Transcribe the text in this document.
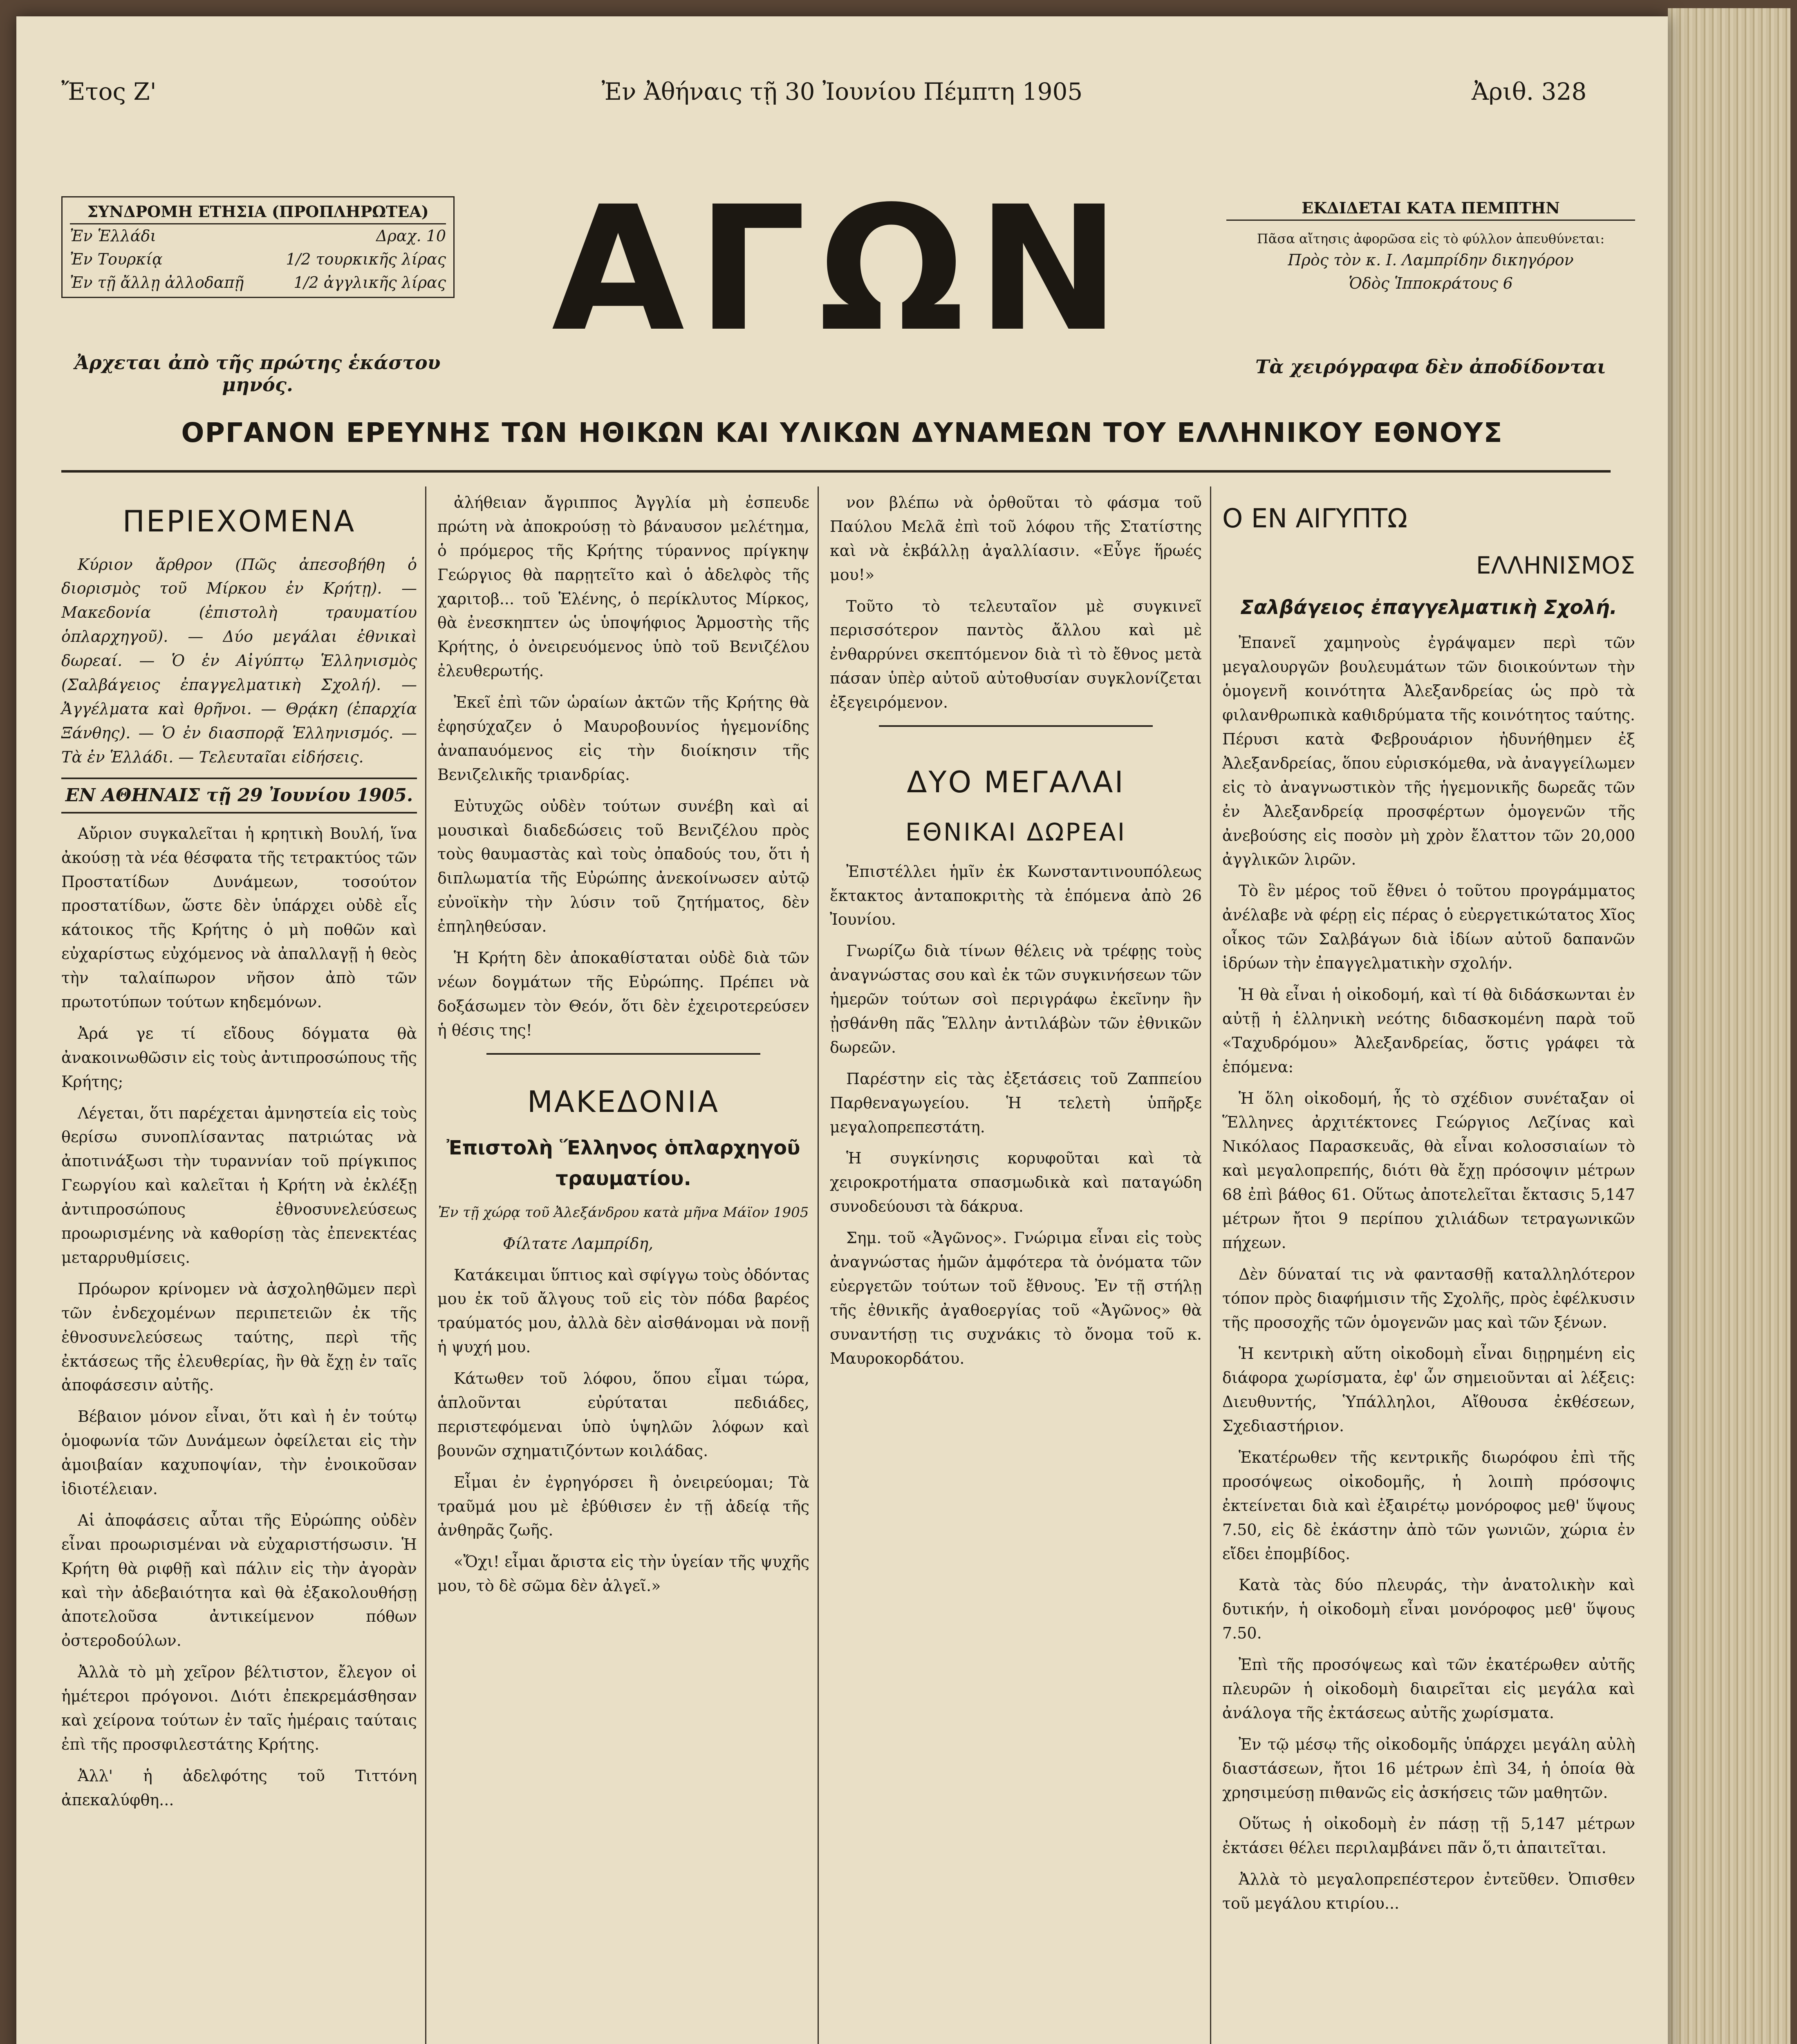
Ἔτος Ζ'	Ἐν Ἀθήναις τῇ 30 Ἰουνίου Πέμπτη 1905	Ἀριθ. 328
ΣΥΝΔΡΟΜΗ ΕΤΗΣΙΑ (ΠΡΟΠΛΗΡΩΤΕΑ)
Ἐν Ἑλλάδι	Δραχ. 10
Ἐν Τουρκίᾳ	1/2 τουρκικῆς λίρας
Ἐν τῇ ἄλλῃ ἀλλοδαπῇ	1/2 ἀγγλικῆς λίρας
Ἀρχεται ἀπὸ τῆς πρώτης ἑκάστου μηνός.
ΑΓΩΝ	ΕΚΔΙΔΕΤΑΙ ΚΑΤΑ ΠΕΜΠΤΗΝ
Πᾶσα αἴτησις ἀφορῶσα εἰς τὸ φύλλον ἀπευθύνεται:
Πρὸς τὸν κ. Ι. Λαμπρίδην δικηγόρον
Ὁδὸς Ἱπποκράτους 6
Τὰ χειρόγραφα δὲν ἀποδίδονται
ΟΡΓΑΝΟΝ ΕΡΕΥΝΗΣ ΤΩΝ ΗΘΙΚΩΝ ΚΑΙ ΥΛΙΚΩΝ ΔΥΝΑΜΕΩΝ ΤΟΥ ΕΛΛΗΝΙΚΟΥ ΕΘΝΟΥΣ
ΠΕΡΙΕΧΟΜΕΝΑ

Κύριον ἄρθρον (Πῶς ἀπεσοβήθη ὁ διορισμὸς τοῦ Μίρκου ἐν Κρήτῃ). — Μακεδονία (ἐπιστολὴ τραυματίου ὁπλαρχηγοῦ). — Δύο μεγάλαι ἐθνικαὶ δωρεαί. — Ὁ ἐν Αἰγύπτῳ Ἑλληνισμὸς (Σαλβάγειος ἐπαγγελματικὴ Σχολή). — Ἀγγέλματα καὶ θρῆνοι. — Θρᾴκη (ἐπαρχία Ξάνθης). — Ὁ ἐν διασπορᾷ Ἑλληνισμός. — Τὰ ἐν Ἑλλάδι. — Τελευταῖαι εἰδήσεις.

ΕΝ ΑΘΗΝΑΙΣ τῇ 29 Ἰουνίου 1905.

Αὔριον συγκαλεῖται ἡ κρητικὴ Βουλή, ἵνα ἀκούσῃ τὰ νέα θέσφατα τῆς τετρακτύος τῶν Προστατίδων Δυνάμεων, τοσούτον προστατίδων, ὥστε δὲν ὑπάρχει οὐδὲ εἷς κάτοικος τῆς Κρήτης ὁ μὴ ποθῶν καὶ εὐχαρίστως εὐχόμενος νὰ ἀπαλλαγῇ ἡ θεὸς τὴν ταλαίπωρον νῆσον ἀπὸ τῶν πρωτοτύπων τούτων κηδεμόνων.

Ἀρά γε τί εἴδους δόγματα θὰ ἀνακοινωθῶσιν εἰς τοὺς ἀντιπροσώπους τῆς Κρήτης;

Λέγεται, ὅτι παρέχεται ἀμνηστεία εἰς τοὺς θερίσω συνοπλίσαντας πατριώτας νὰ ἀποτινάξωσι τὴν τυραννίαν τοῦ πρίγκιπος Γεωργίου καὶ καλεῖται ἡ Κρήτη νὰ ἐκλέξῃ ἀντιπροσώπους ἐθνοσυνελεύσεως προωρισμένης νὰ καθορίσῃ τὰς ἐπενεκτέας μεταρρυθμίσεις.

Πρόωρον κρίνομεν νὰ ἀσχοληθῶμεν περὶ τῶν ἐνδεχομένων περιπετειῶν ἐκ τῆς ἐθνοσυνελεύσεως ταύτης, περὶ τῆς ἐκτάσεως τῆς ἐλευθερίας, ἣν θὰ ἔχῃ ἐν ταῖς ἀποφάσεσιν αὐτῆς.

Βέβαιον μόνον εἶναι, ὅτι καὶ ἡ ἐν τούτῳ ὁμοφωνία τῶν Δυνάμεων ὀφείλεται εἰς τὴν ἀμοιβαίαν καχυποψίαν, τὴν ἐνοικοῦσαν ἰδιοτέλειαν.

Αἱ ἀποφάσεις αὗται τῆς Εὐρώπης οὐδὲν εἶναι προωρισμέναι νὰ εὐχαριστήσωσιν. Ἡ Κρήτη θὰ ριφθῇ καὶ πάλιν εἰς τὴν ἀγορὰν καὶ τὴν ἀδεβαιότητα καὶ θὰ ἐξακολουθήσῃ ἀποτελοῦσα ἀντικείμενον πόθων ὀστεροδούλων.

Ἀλλὰ τὸ μὴ χεῖρον βέλτιστον, ἔλεγον οἱ ἡμέτεροι πρόγονοι. Διότι ἐπεκρεμάσθησαν καὶ χείρονα τούτων ἐν ταῖς ἡμέραις ταύταις ἐπὶ τῆς προσφιλεστάτης Κρήτης.

Ἀλλ' ἡ ἀδελφότης τοῦ Τιττόνη ἀπεκαλύφθη...

ἀλήθειαν ἄγριππος Ἀγγλία μὴ ἐσπευδε πρώτη νὰ ἀποκρούσῃ τὸ βάναυσον μελέτημα, ὁ πρόμερος τῆς Κρήτης τύραννος πρίγκηψ Γεώργιος θὰ παρῃτεῖτο καὶ ὁ ἀδελφὸς τῆς χαριτοβ... τοῦ Ἑλένης, ὁ περίκλυτος Μίρκος, θὰ ἐνεσκηπτεν ὡς ὑποψήφιος Ἁρμοστὴς τῆς Κρήτης, ὁ ὀνειρευόμενος ὑπὸ τοῦ Βενιζέλου ἐλευθερωτής.

Ἐκεῖ ἐπὶ τῶν ὡραίων ἀκτῶν τῆς Κρήτης θὰ ἐφησύχαζεν ὁ Μαυροβουνίος ἡγεμονίδης ἀναπαυόμενος εἰς τὴν διοίκησιν τῆς Βενιζελικῆς τριανδρίας.

Εὐτυχῶς οὐδὲν τούτων συνέβη καὶ αἱ μουσικαὶ διαδεδώσεις τοῦ Βενιζέλου πρὸς τοὺς θαυμαστὰς καὶ τοὺς ὀπαδούς του, ὅτι ἡ διπλωματία τῆς Εὐρώπης ἀνεκοίνωσεν αὐτῷ εὐνοϊκὴν τὴν λύσιν τοῦ ζητήματος, δὲν ἐπηληθεύσαν.

Ἡ Κρήτη δὲν ἀποκαθίσταται οὐδὲ διὰ τῶν νέων δογμάτων τῆς Εὐρώπης. Πρέπει νὰ δοξάσωμεν τὸν Θεόν, ὅτι δὲν ἐχειροτερεύσεν ἡ θέσις της!

ΜΑΚΕΔΟΝΙΑ
Ἐπιστολὴ Ἕλληνος ὁπλαρχηγοῦ τραυματίου.
Ἐν τῇ χώρᾳ τοῦ Ἀλεξάνδρου κατὰ μῆνα Μάϊον 1905

Φίλτατε Λαμπρίδη,

Κατάκειμαι ὕπτιος καὶ σφίγγω τοὺς ὀδόντας μου ἐκ τοῦ ἄλγους τοῦ εἰς τὸν πόδα βαρέος τραύματός μου, ἀλλὰ δὲν αἰσθάνομαι νὰ πονῇ ἡ ψυχή μου.

Κάτωθεν τοῦ λόφου, ὅπου εἶμαι τώρα, ἁπλοῦνται εὐρύταται πεδιάδες, περιστεφόμεναι ὑπὸ ὑψηλῶν λόφων καὶ βουνῶν σχηματιζόντων κοιλάδας.

Εἶμαι ἐν ἐγρηγόρσει ἢ ὀνειρεύομαι; Τὰ τραῦμά μου μὲ ἐβύθισεν ἐν τῇ ἀδείᾳ τῆς ἀνθηρᾶς ζωῆς.

«Ὄχι! εἶμαι ἄριστα εἰς τὴν ὑγείαν τῆς ψυχῆς μου, τὸ δὲ σῶμα δὲν ἀλγεῖ.»

νον βλέπω νὰ ὀρθοῦται τὸ φάσμα τοῦ Παύλου Μελᾶ ἐπὶ τοῦ λόφου τῆς Στατίστης καὶ νὰ ἐκβάλλῃ ἀγαλλίασιν. «Εὖγε ἥρωές μου!»

Τοῦτο τὸ τελευταῖον μὲ συγκινεῖ περισσότερον παντὸς ἄλλου καὶ μὲ ἐνθαρρύνει σκεπτόμενον διὰ τὶ τὸ ἔθνος μετὰ πάσαν ὑπὲρ αὐτοῦ αὐτοθυσίαν συγκλονίζεται ἐξεγειρόμενον.

ΔΥΟ ΜΕΓΑΛΑΙ
ΕΘΝΙΚΑΙ ΔΩΡΕΑΙ

Ἐπιστέλλει ἡμῖν ἐκ Κωνσταντινουπόλεως ἔκτακτος ἀνταποκριτὴς τὰ ἑπόμενα ἀπὸ 26 Ἰουνίου.

Γνωρίζω διὰ τίνων θέλεις νὰ τρέφῃς τοὺς ἀναγνώστας σου καὶ ἐκ τῶν συγκινήσεων τῶν ἡμερῶν τούτων σοὶ περιγράφω ἐκεῖνην ἣν ᾐσθάνθη πᾶς Ἕλλην ἀντιλάβὼν τῶν ἐθνικῶν δωρεῶν.

Παρέστην εἰς τὰς ἐξετάσεις τοῦ Ζαππείου Παρθεναγωγείου. Ἡ τελετὴ ὑπῆρξε μεγαλοπρεπεστάτη.

Ἡ συγκίνησις κορυφοῦται καὶ τὰ χειροκροτήματα σπασμωδικὰ καὶ παταγώδη συνοδεύουσι τὰ δάκρυα.

Σημ. τοῦ «Ἀγῶνος». Γνώριμα εἶναι εἰς τοὺς ἀναγνώστας ἡμῶν ἀμφότερα τὰ ὀνόματα τῶν εὐεργετῶν τούτων τοῦ ἔθνους. Ἐν τῇ στήλῃ τῆς ἐθνικῆς ἀγαθοεργίας τοῦ «Ἀγῶνος» θὰ συναντήσῃ τις συχνάκις τὸ ὄνομα τοῦ κ. Μαυροκορδάτου.

Ο ΕΝ ΑΙΓΥΠΤΩ
ΕΛΛΗΝΙΣΜΟΣ
Σαλβάγειος ἐπαγγελματικὴ Σχολή.

Ἐπανεῖ χαμηνοὺς ἐγράψαμεν περὶ τῶν μεγαλουργῶν βουλευμάτων τῶν διοικούντων τὴν ὁμογενῆ κοινότητα Ἀλεξανδρείας ὡς πρὸ τὰ φιλανθρωπικὰ καθιδρύματα τῆς κοινότητος ταύτης. Πέρυσι κατὰ Φεβρουάριον ἠδυνήθημεν ἐξ Ἀλεξανδρείας, ὅπου εὑρισκόμεθα, νὰ ἀναγγείλωμεν εἰς τὸ ἀναγνωστικὸν τῆς ἡγεμονικῆς δωρεᾶς τῶν ἐν Ἀλεξανδρείᾳ προσφέρτων ὁμογενῶν τῆς ἀνεβούσης εἰς ποσὸν μὴ χρὸν ἔλαττον τῶν 20,000 ἀγγλικῶν λιρῶν.

Τὸ ἓν μέρος τοῦ ἔθνει ὁ τοῦτου προγράμματος ἀνέλαβε νὰ φέρῃ εἰς πέρας ὁ εὐεργετικώτατος Χῖος οἶκος τῶν Σαλβάγων διὰ ἰδίων αὐτοῦ δαπανῶν ἱδρύων τὴν ἐπαγγελματικὴν σχολήν.

Ἡ θὰ εἶναι ἡ οἰκοδομή, καὶ τί θὰ διδάσκωνται ἐν αὐτῇ ἡ ἑλληνικὴ νεότης διδασκομένη παρὰ τοῦ «Ταχυδρόμου» Ἀλεξανδρείας, ὅστις γράφει τὰ ἑπόμενα:

Ἡ ὅλη οἰκοδομή, ἧς τὸ σχέδιον συνέταξαν οἱ Ἕλληνες ἀρχιτέκτονες Γεώργιος Λεζίνας καὶ Νικόλαος Παρασκευᾶς, θὰ εἶναι κολοσσιαίων τὸ καὶ μεγαλοπρεπής, διότι θὰ ἔχῃ πρόσοψιν μέτρων 68 ἐπὶ βάθος 61. Οὕτως ἀποτελεῖται ἔκτασις 5,147 μέτρων ἤτοι 9 περίπου χιλιάδων τετραγωνικῶν πήχεων.

Δὲν δύναταί τις νὰ φαντασθῇ καταλληλότερον τόπον πρὸς διαφήμισιν τῆς Σχολῆς, πρὸς ἐφέλκυσιν τῆς προσοχῆς τῶν ὁμογενῶν μας καὶ τῶν ξένων.

Ἡ κεντρικὴ αὕτη οἰκοδομὴ εἶναι διῃρημένη εἰς διάφορα χωρίσματα, ἐφ' ὧν σημειοῦνται αἱ λέξεις: Διευθυντής, Ὑπάλληλοι, Αἴθουσα ἐκθέσεων, Σχεδιαστήριον.

Ἑκατέρωθεν τῆς κεντρικῆς διωρόφου ἐπὶ τῆς προσόψεως οἰκοδομῆς, ἡ λοιπὴ πρόσοψις ἐκτείνεται διὰ καὶ ἐξαιρέτῳ μονόροφος μεθ' ὕψους 7.50, εἰς δὲ ἑκάστην ἀπὸ τῶν γωνιῶν, χώρια ἐν εἴδει ἐπομβίδος.

Κατὰ τὰς δύο πλευράς, τὴν ἀνατολικὴν καὶ δυτικήν, ἡ οἰκοδομὴ εἶναι μονόροφος μεθ' ὕψους 7.50.

Ἐπὶ τῆς προσόψεως καὶ τῶν ἑκατέρωθεν αὐτῆς πλευρῶν ἡ οἰκοδομὴ διαιρεῖται εἰς μεγάλα καὶ ἀνάλογα τῆς ἐκτάσεως αὐτῆς χωρίσματα.

Ἐν τῷ μέσῳ τῆς οἰκοδομῆς ὑπάρχει μεγάλη αὐλὴ διαστάσεων, ἤτοι 16 μέτρων ἐπὶ 34, ἡ ὁποία θὰ χρησιμεύσῃ πιθανῶς εἰς ἀσκήσεις τῶν μαθητῶν.

Οὕτως ἡ οἰκοδομὴ ἐν πάσῃ τῇ 5,147 μέτρων ἐκτάσει θέλει περιλαμβάνει πᾶν ὅ,τι ἀπαιτεῖται.

Ἀλλὰ τὸ μεγαλοπρεπέστερον ἐντεῦθεν. Ὀπισθεν τοῦ μεγάλου κτιρίου...
